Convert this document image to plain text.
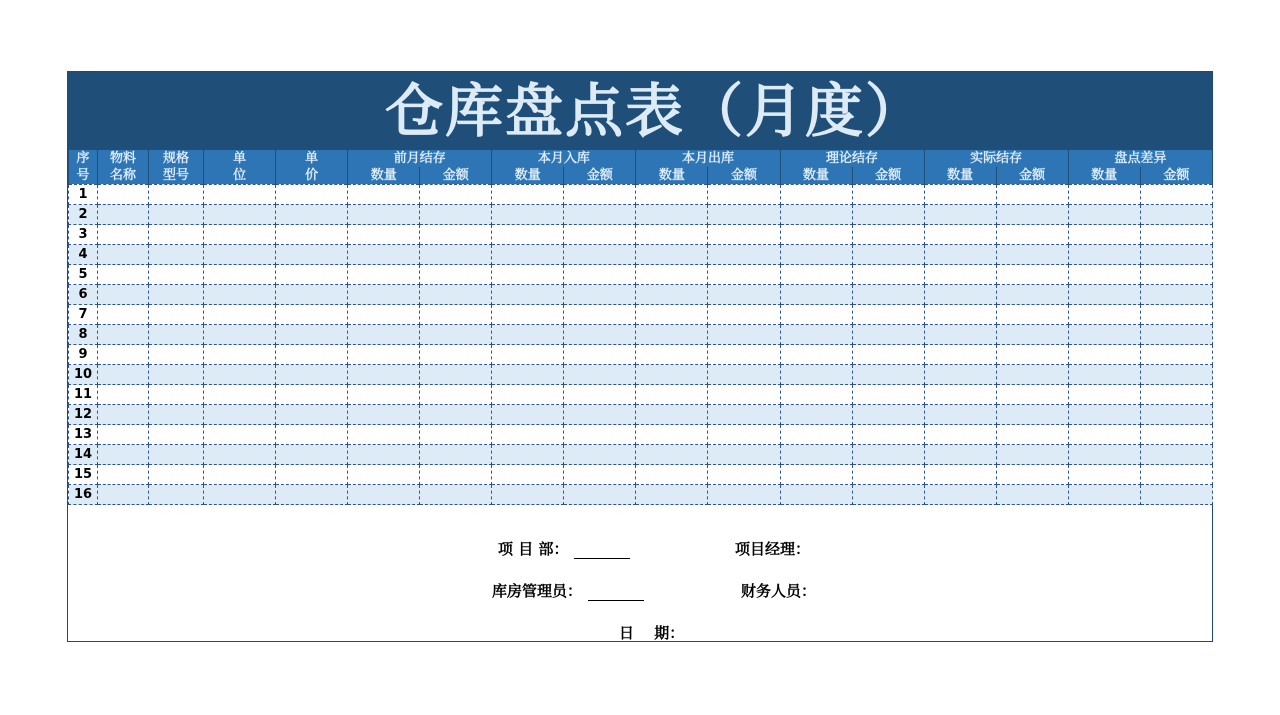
仓库盘点表（月度）
序	物料	规格	单	单	前月结存		本月入库		本月出库		理论结存		实际结存		盘点差异	
号	名称	型号	位	价	数量	金额	数量	金额	数量	金额	数量	金额	数量	金额	数量	金额
1																
2																
3																
4																
5																
6																
7																
8																
9																
10																
11																
12																
13																
14																
15																
16																
项 目 部：	项目经理：
库房管理员：	财务人员：
日　 期：
